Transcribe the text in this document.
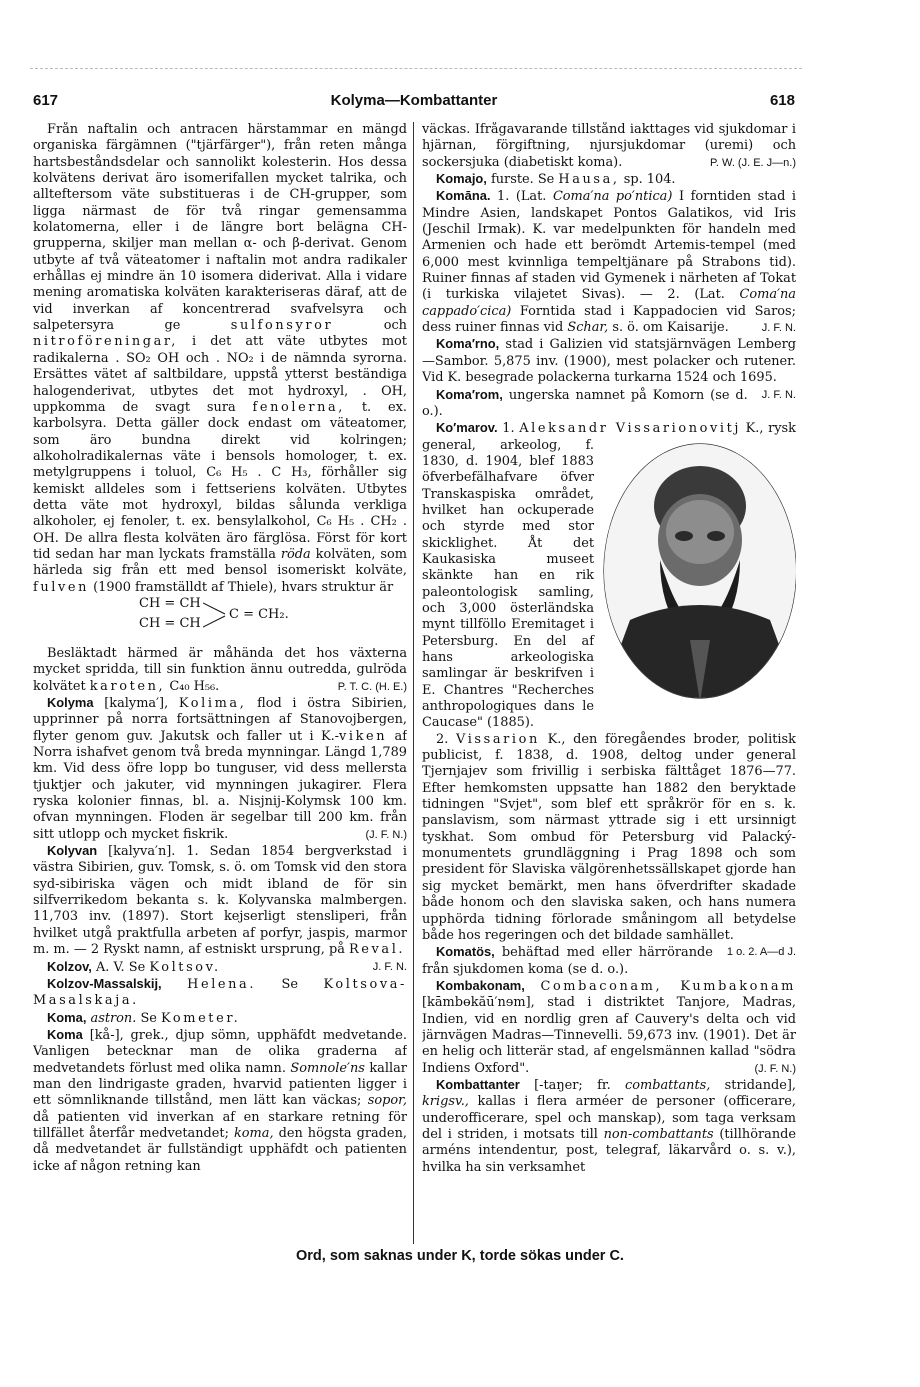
617	Kolyma—Kombattanter	618

Från naftalin och antracen härstammar en mängd organiska färgämnen ("tjärfärger"), från reten många hartsbeståndsdelar och sannolikt kolesterin. Hos dessa kolvätens derivat äro isomerifallen mycket talrika, och allteftersom väte substitueras i de CH-grupper, som ligga närmast de för två ringar gemensamma kolatomerna, eller i de längre bort belägna CH-grupperna, skiljer man mellan α- och β-derivat. Genom utbyte af två väteatomer i naftalin mot andra radikaler erhållas ej mindre än 10 isomera diderivat. Alla i vidare mening aromatiska kolväten karakteriseras däraf, att de vid inverkan af koncentrerad svafvelsyra och salpetersyra ge	sulfonsyror	och nitroföreningar, i det att väte utbytes mot radikalerna . SO₂ OH och . NO₂ i de nämnda syrorna. Ersättes vätet af saltbildare, uppstå ytterst beständiga halogenderivat, utbytes det mot hydroxyl, . OH, uppkomma de svagt sura fenolerna, t. ex. karbolsyra. Detta gäller dock endast om väteatomer, som äro bundna direkt vid kolringen; alkoholradikalernas väte i bensols homologer, t. ex. metylgruppens i toluol, C₆ H₅ . C H₃, förhåller sig kemiskt alldeles som i fettseriens kolväten. Utbytes detta väte mot hydroxyl, bildas sålunda verkliga alkoholer, ej fenoler, t. ex. bensylalkohol, C₆ H₅ . CH₂ . OH. De allra flesta kolväten äro färglösa. Först för kort tid sedan har man lyckats framställa röda kolväten, som härleda sig från ett med bensol isomeriskt kolväte, fulven (1900 framställdt af Thiele), hvars struktur är

CH = CH
CH = CH
C = CH₂.

Besläktadt härmed är måhända det hos växterna mycket spridda, till sin funktion ännu outredda, gulröda kolvätet karoten, C₄₀ H₅₆.	P. T. C. (H. E.)

Kolyma [kalyma′], Kolima, flod i östra Sibirien, upprinner på norra fortsättningen af Stanovojbergen, flyter genom guv. Jakutsk och faller ut i K.-viken af Norra ishafvet genom två breda mynningar. Längd 1,789 km. Vid dess öfre lopp bo tunguser, vid dess mellersta tjuktjer och jakuter, vid mynningen jukagirer. Flera ryska kolonier finnas, bl. a. Nisjnij-Kolymsk 100 km. ofvan mynningen. Floden är segelbar till 200 km. från sitt utlopp och mycket fiskrik.	(J. F. N.)

Kolyvan [kalyva′n]. 1. Sedan 1854 bergverkstad i västra Sibirien, guv. Tomsk, s. ö. om Tomsk vid den stora syd-sibiriska vägen och midt ibland de för sin silfverrikedom bekanta s. k. Kolyvanska malmbergen. 11,703 inv. (1897). Stort kejserligt stensliperi, från hvilket utgå praktfulla arbeten af porfyr, jaspis, marmor m. m. — 2 Ryskt namn, af estniskt ursprung, på Reval.
J. F. N.

Kolzov, A. V. Se Koltsov.

Kolzov-Massalskij, Helena. Se Koltsova-Masalskaja.

Koma, astron. Se Kometer.

Koma [kå-], grek., djup sömn, upphäfdt medvetande. Vanligen betecknar man de olika graderna af medvetandets förlust med olika namn. Somnole′ns kallar man den lindrigaste graden, hvarvid patienten ligger i ett sömnliknande tillstånd, men lätt kan väckas; sopor, då patienten vid inverkan af en starkare retning för tillfället återfår medvetandet; koma, den högsta graden, då medvetandet är fullständigt upphäfdt och patienten icke af någon retning kan

väckas. Ifrågavarande tillstånd iakttages vid sjukdomar i hjärnan, förgiftning, njursjukdomar (uremi) och sockersjuka (diabetiskt koma).	P. W. (J. E. J—n.)

Komajo, furste. Se Hausa, sp. 104.

Komāna. 1. (Lat. Coma′na po′ntica) I forntiden stad i Mindre Asien, landskapet Pontos Galatikos, vid Iris (Jeschil Irmak). K. var medelpunkten för handeln med Armenien och hade ett berömdt Artemis-tempel (med 6,000 mest kvinnliga tempeltjänare på Strabons tid). Ruiner finnas af staden vid Gymenek i närheten af Tokat (i turkiska vilajetet Sivas). — 2. (Lat. Coma′na cappado′cica) Forntida stad i Kappadocien vid Saros; dess ruiner finnas vid Schar, s. ö. om Kaisarije.	J. F. N.

Koma′rno, stad i Galizien vid statsjärnvägen Lemberg—Sambor. 5,875 inv. (1900), mest polacker och rutener. Vid K. besegrade polackerna turkarna 1524 och 1695.
J. F. N.

Koma′rom, ungerska namnet på Komorn (se d. o.).

Ko′marov. 1. Aleksandr Vissarionovitj K., rysk general, arkeolog, f. 1830, d. 1904, blef 1883 öfverbefälhafvare öfver Transkaspiska området, hvilket han ockuperade och styrde med stor skicklighet. Åt det Kaukasiska museet skänkte han en rik paleontologisk samling, och 3,000 österländska mynt tillföllo Eremitaget i Petersburg. En del af hans arkeologiska samlingar är beskrifven i E. Chantres "Recherches anthropologiques dans le Caucase" (1885).

2. Vissarion K., den föregåendes broder, politisk publicist, f. 1838, d. 1908, deltog under general Tjernjajev som frivillig i serbiska fälttåget 1876—77. Efter hemkomsten uppsatte han 1882 den beryktade tidningen "Svjet", som blef ett språkrör för en s. k. panslavism, som närmast yttrade sig i ett ursinnigt tyskhat. Som ombud för Petersburg vid Palacký-monumentets grundläggning i Prag 1898 och som president för Slaviska välgörenhetssällskapet gjorde han sig mycket bemärkt, men hans öfverdrifter skadade både honom och den slaviska saken, och hans numera upphörda tidning förlorade småningom all betydelse både hos regeringen och det bildade samhället.
1 o. 2. A—d J.

Komatös, behäftad med eller härrörande från sjukdomen koma (se d. o.).

Kombakonam, Combaconam, Kumbakonam [kāmbɵkăū′nɘm], stad i distriktet Tanjore, Madras, Indien, vid en nordlig gren af Cauvery's delta och vid järnvägen Madras—Tinnevelli. 59,673 inv. (1901). Det är en helig och litterär stad, af engelsmännen kallad "södra Indiens Oxford".	(J. F. N.)

Kombattanter [-taŋer; fr. combattants, stridande], krigsv., kallas i flera arméer de personer (officerare, underofficerare, spel och manskap), som taga verksam del i striden, i motsats till non-combattants (tillhörande arméns intendentur, post, telegraf, läkarvård o. s. v.), hvilka ha sin verksamhet

Ord, som saknas under K, torde sökas under C.
